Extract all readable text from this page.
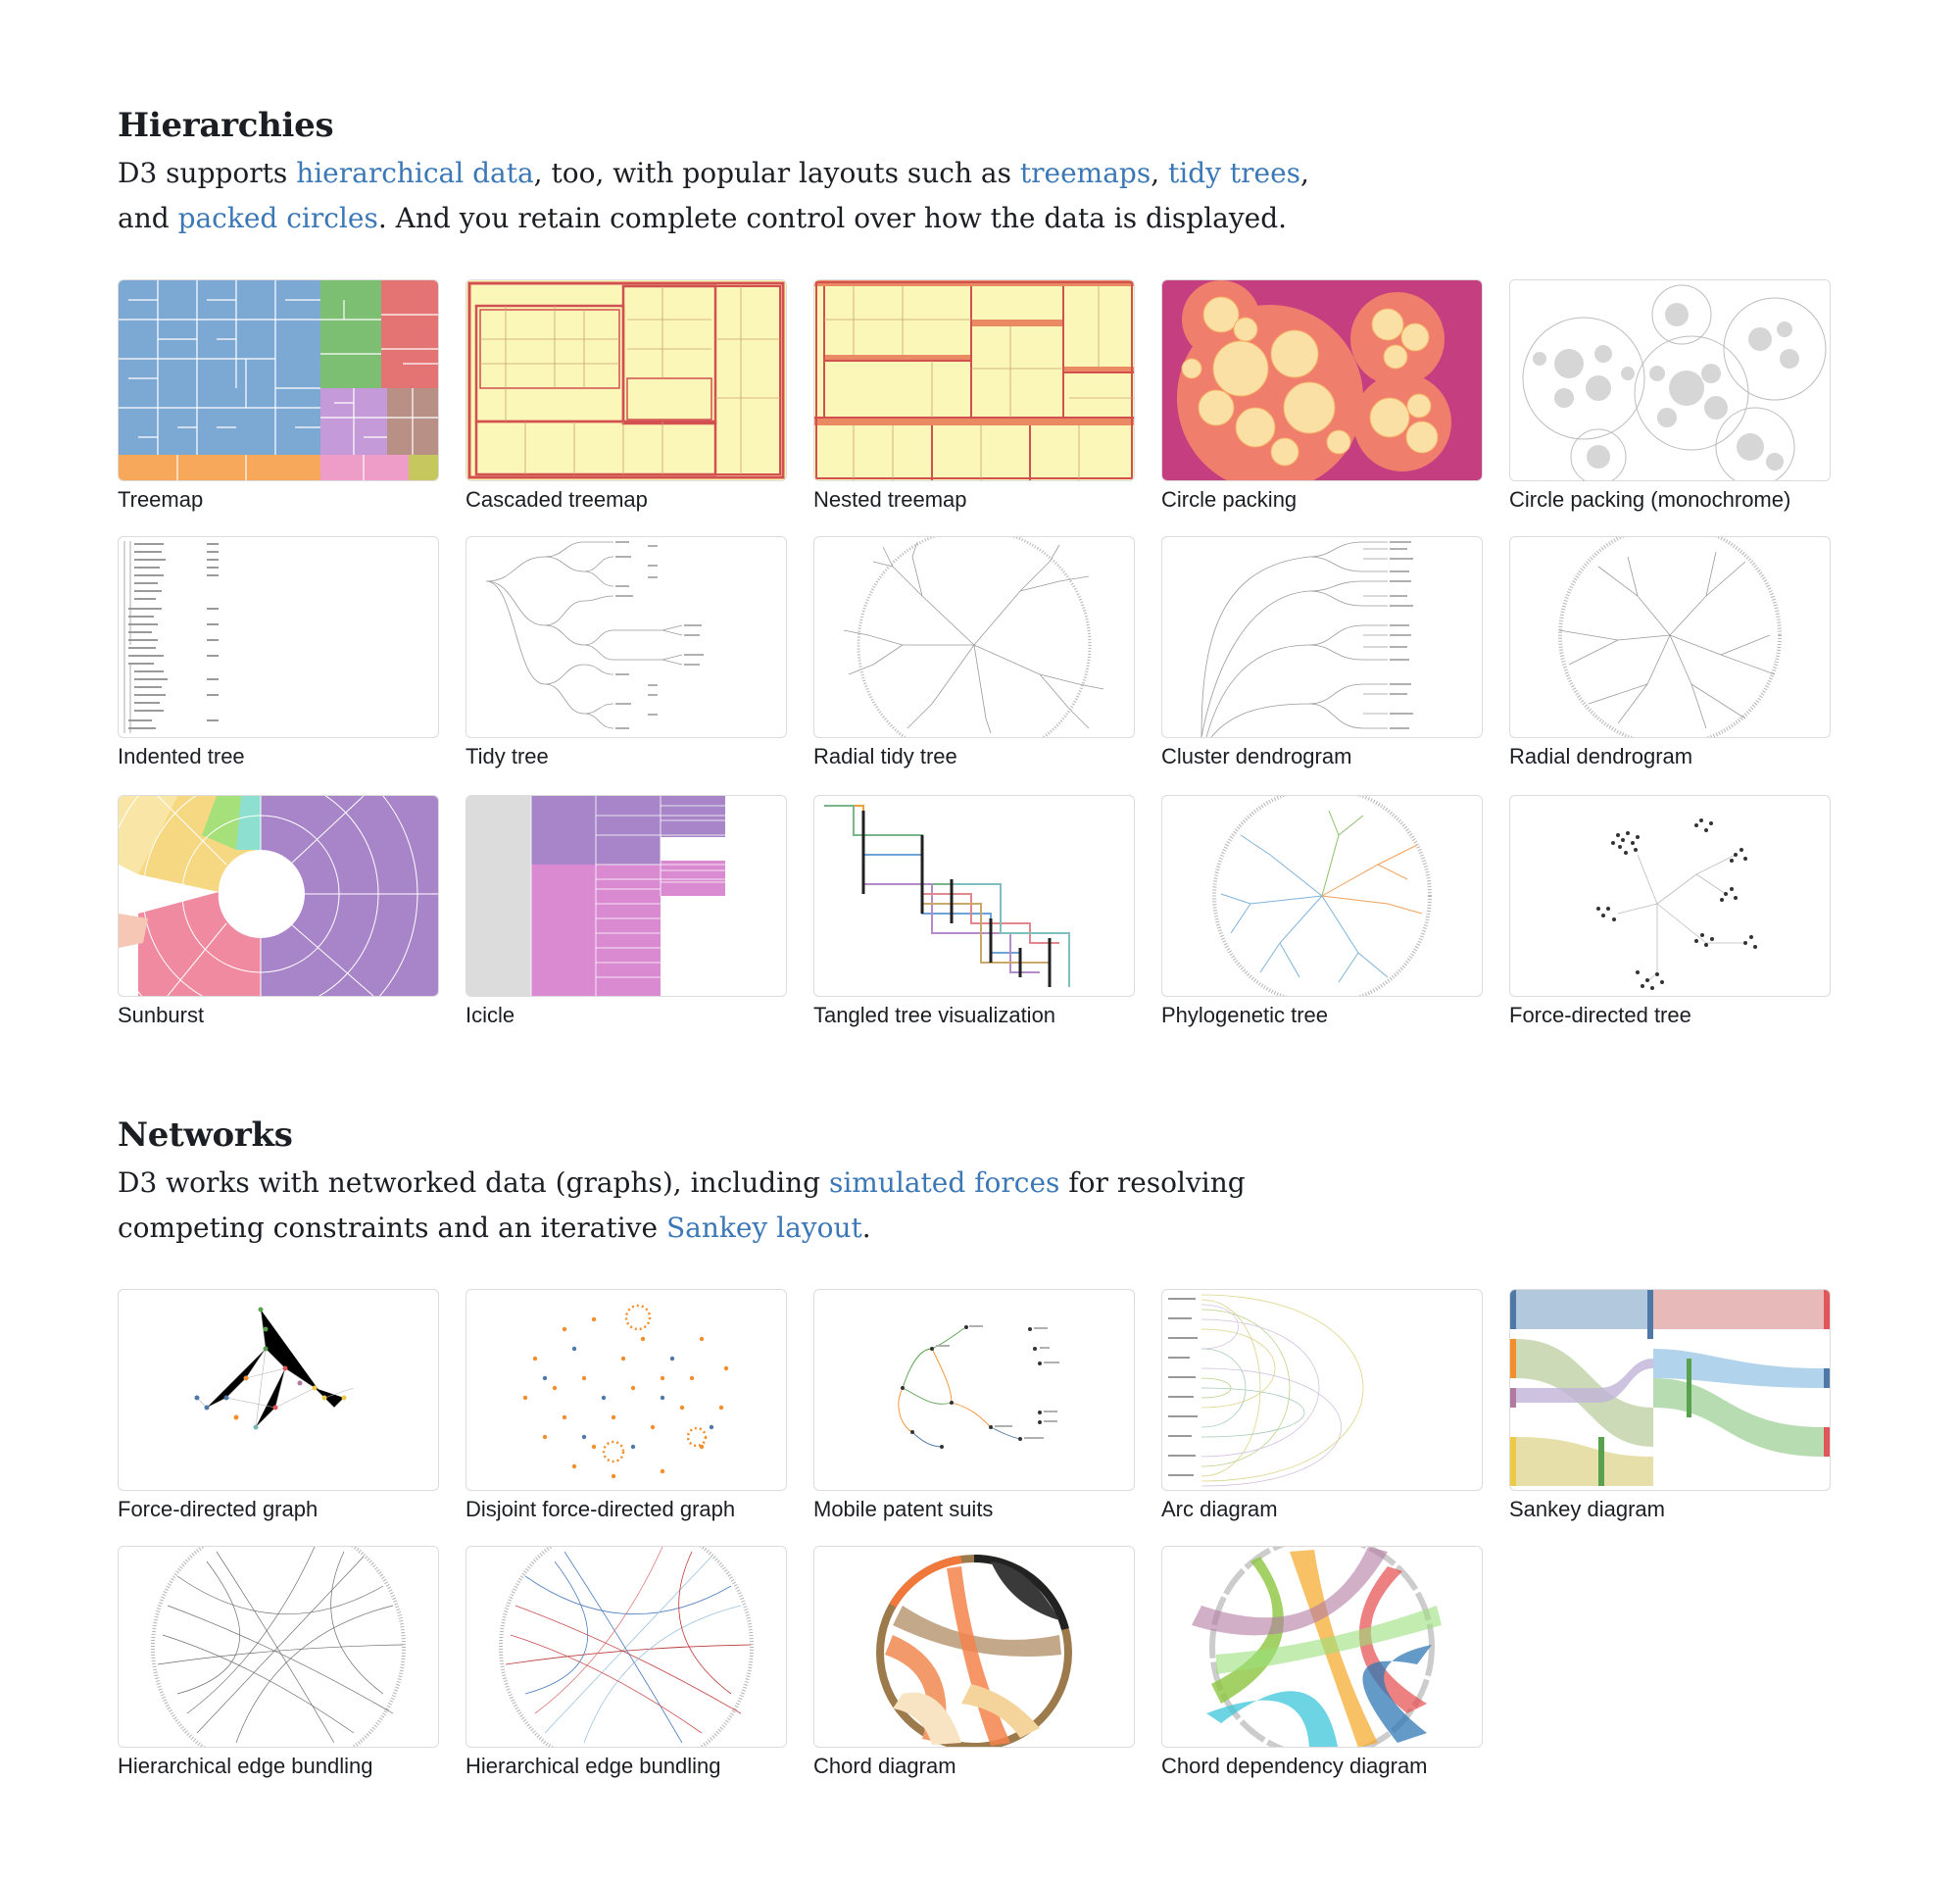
Hierarchies

D3 supports hierarchical data, too, with popular layouts such as treemaps, tidy trees,
and packed circles. And you retain complete control over how the data is displayed.

Treemap	Cascaded treemap	Nested treemap	Circle packing	Circle packing (monochrome)
Indented tree	Tidy tree	Radial tidy tree	Cluster dendrogram	Radial dendrogram
Sunburst	Icicle	Tangled tree visualization	Phylogenetic tree	Force-directed tree
Networks

D3 works with networked data (graphs), including simulated forces for resolving
competing constraints and an iterative Sankey layout.

Force-directed graph	Disjoint force-directed graph	Mobile patent suits	Arc diagram	Sankey diagram
Hierarchical edge bundling	Hierarchical edge bundling	Chord diagram	Chord dependency diagram
